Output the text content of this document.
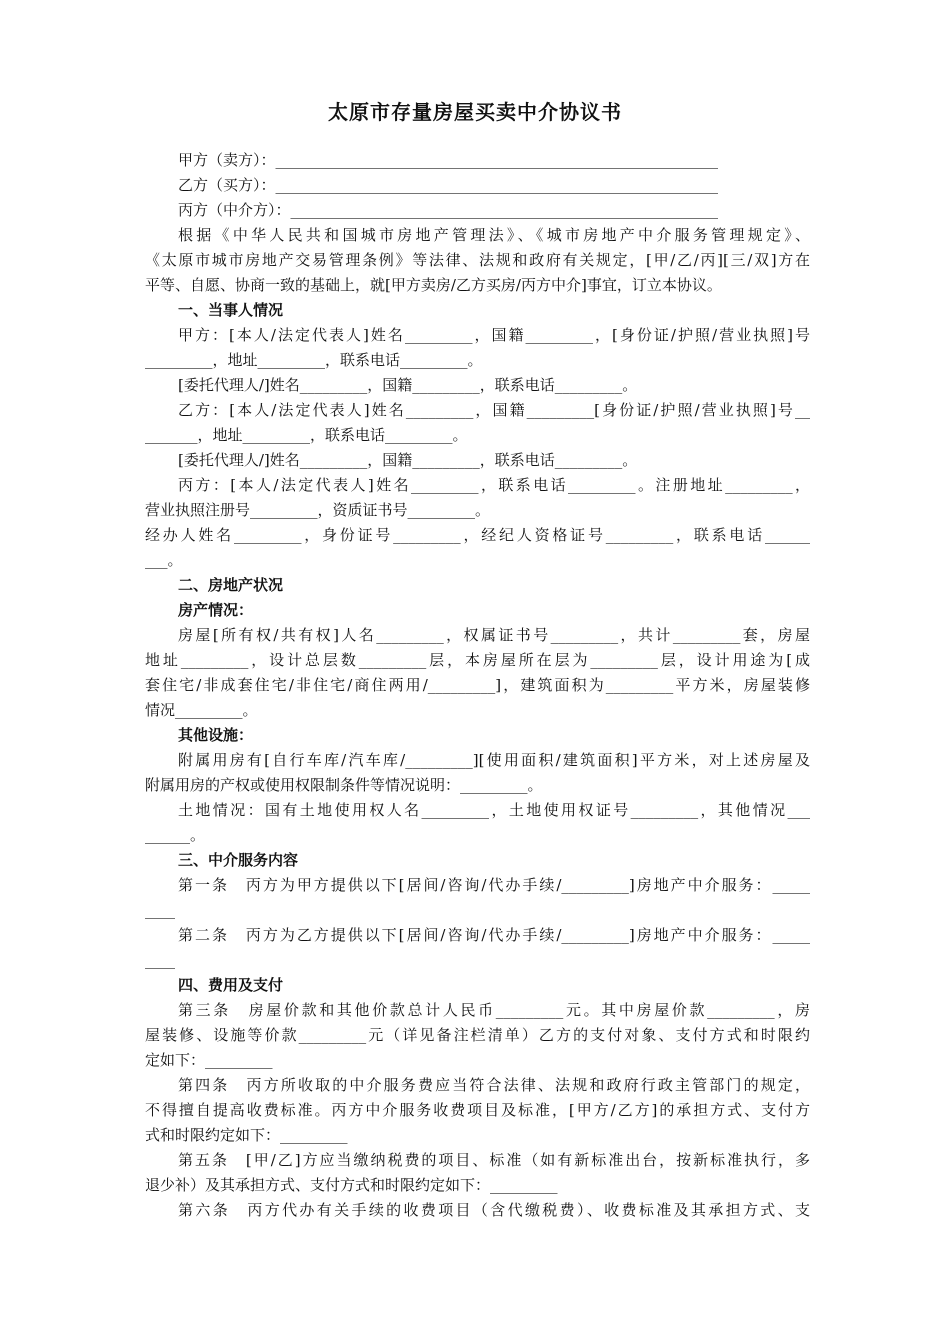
太原市存量房屋买卖中介协议书
甲方（卖方）：___________________________________________________________
乙方（买方）：___________________________________________________________
丙方（中介方）：_________________________________________________________
根据《中华人民共和国城市房地产管理法》、《城市房地产中介服务管理规定》、
《太原市城市房地产交易管理条例》等法律、法规和政府有关规定，[甲/乙/丙][三/双]方在
平等、自愿、协商一致的基础上，就[甲方卖房/乙方买房/丙方中介]事宜，订立本协议。
一、当事人情况
甲方：[本人/法定代表人]姓名_________，国籍_________，[身份证/护照/营业执照]号
_________，地址_________，联系电话_________。
[委托代理人/]姓名_________，国籍_________，联系电话_________。
乙方：[本人/法定代表人]姓名_________，国籍_________[身份证/护照/营业执照]号__
_______，地址_________，联系电话_________。
[委托代理人/]姓名_________，国籍_________，联系电话_________。
丙方：[本人/法定代表人]姓名_________，联系电话_________。注册地址_________，
营业执照注册号_________，资质证书号_________。
经办人姓名_________，身份证号_________，经纪人资格证号_________，联系电话______
___。
二、房地产状况
房产情况：
房屋[所有权/共有权]人名_________，权属证书号_________，共计_________套，房屋
地址_________，设计总层数_________层，本房屋所在层为_________层，设计用途为[成
套住宅/非成套住宅/非住宅/商住两用/_________]，建筑面积为_________平方米，房屋装修
情况_________。
其他设施：
附属用房有[自行车库/汽车库/_________][使用面积/建筑面积]平方米，对上述房屋及
附属用房的产权或使用权限制条件等情况说明：_________。
土地情况：国有土地使用权人名_________，土地使用权证号_________，其他情况___
______。
三、中介服务内容
第一条　丙方为甲方提供以下[居间/咨询/代办手续/_________]房地产中介服务：_____
____
第二条　丙方为乙方提供以下[居间/咨询/代办手续/_________]房地产中介服务：_____
____
四、费用及支付
第三条　房屋价款和其他价款总计人民币_________元。其中房屋价款_________，房
屋装修、设施等价款_________元（详见备注栏清单）乙方的支付对象、支付方式和时限约
定如下：_________
第四条　丙方所收取的中介服务费应当符合法律、法规和政府行政主管部门的规定，
不得擅自提高收费标准。丙方中介服务收费项目及标准，[甲方/乙方]的承担方式、支付方
式和时限约定如下：_________
第五条　[甲/乙]方应当缴纳税费的项目、标准（如有新标准出台，按新标准执行，多
退少补）及其承担方式、支付方式和时限约定如下：_________
第六条　丙方代办有关手续的收费项目（含代缴税费）、收费标准及其承担方式、支
